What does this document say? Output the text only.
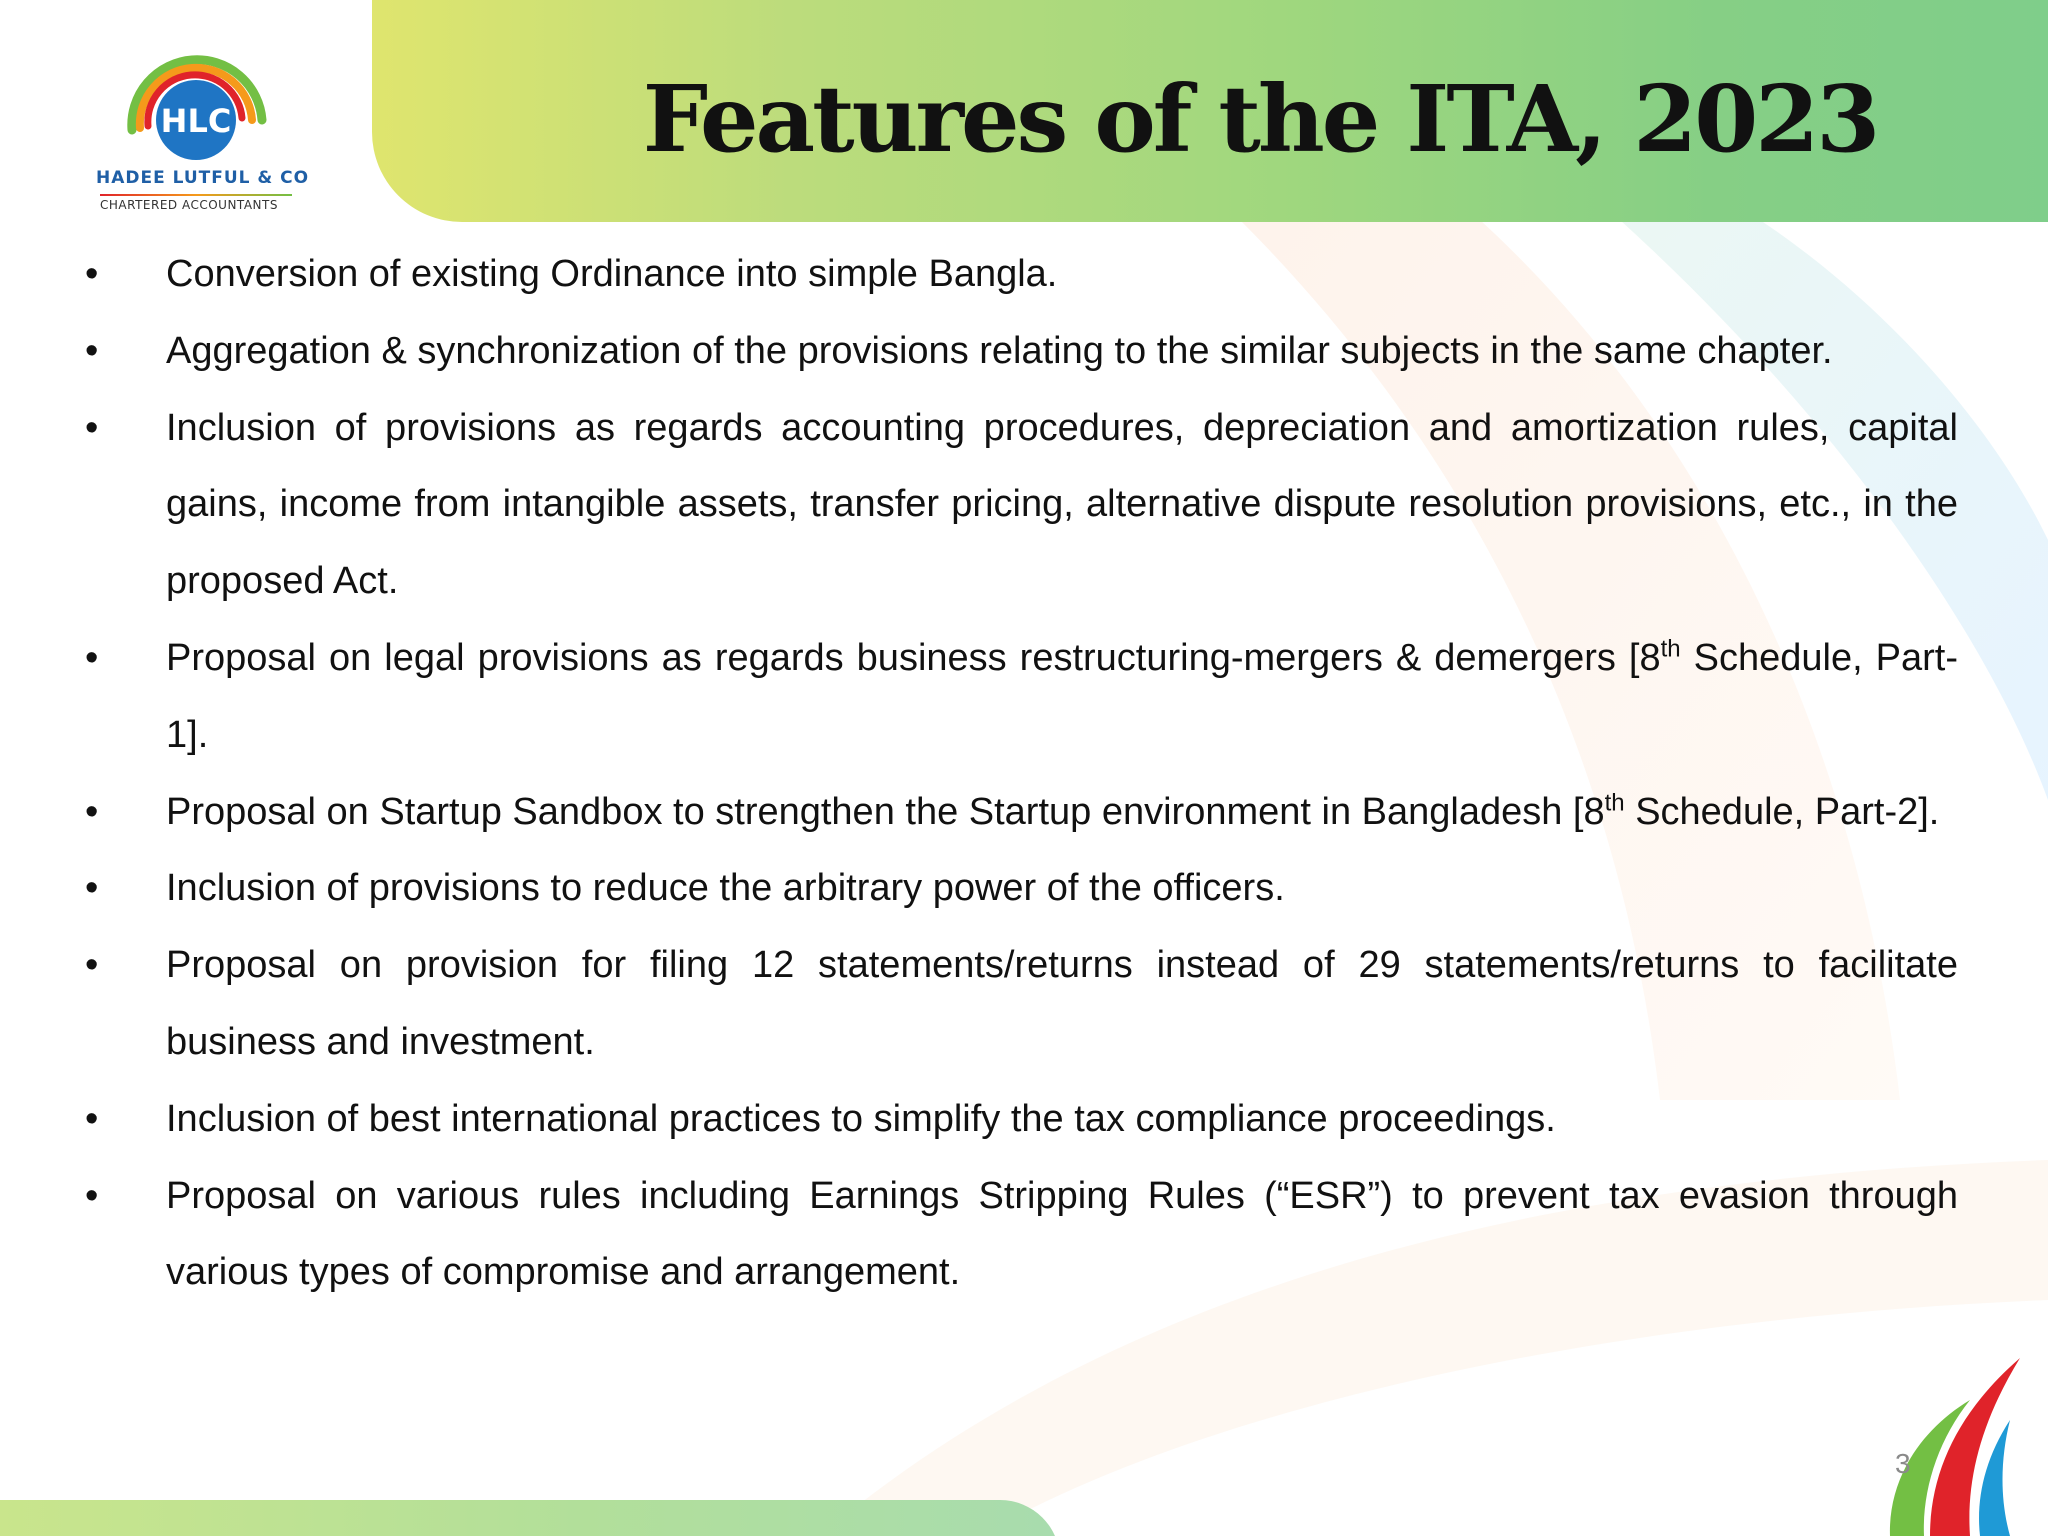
HLC
HADEE LUTFUL & CO
CHARTERED ACCOUNTANTS
Features of the ITA, 2023
• Conversion of existing Ordinance into simple Bangla.
• Aggregation & synchronization of the provisions relating to the similar subjects in the same chapter.
• Inclusion of provisions as regards accounting procedures, depreciation and amortization rules, capital gains, income from intangible assets, transfer pricing, alternative dispute resolution provisions, etc., in the proposed Act.
• Proposal on legal provisions as regards business restructuring-mergers & demergers [8th Schedule, Part-1].
• Proposal on Startup Sandbox to strengthen the Startup environment in Bangladesh [8th Schedule, Part-2].
• Inclusion of provisions to reduce the arbitrary power of the officers.
• Proposal on provision for filing 12 statements/returns instead of 29 statements/returns to facilitate business and investment.
• Inclusion of best international practices to simplify the tax compliance proceedings.
• Proposal on various rules including Earnings Stripping Rules (“ESR”) to prevent tax evasion through various types of compromise and arrangement.
3
